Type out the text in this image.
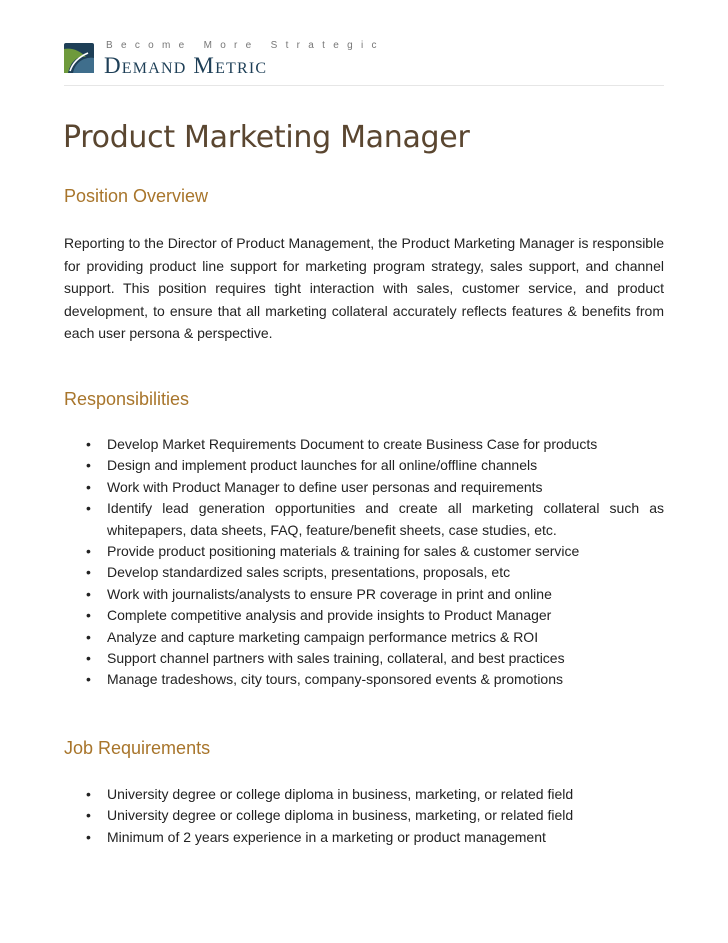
Become More Strategic
Demand Metric
Product Marketing Manager
Position Overview

Reporting to the Director of Product Management, the Product Marketing Manager is responsible for providing product line support for marketing program strategy, sales support, and channel support. This position requires tight interaction with sales, customer service, and product development, to ensure that all marketing collateral accurately reflects features & benefits from each user persona & perspective.

Responsibilities
• Develop Market Requirements Document to create Business Case for products
• Design and implement product launches for all online/offline channels
• Work with Product Manager to define user personas and requirements
• Identify lead generation opportunities and create all marketing collateral such as whitepapers, data sheets, FAQ, feature/benefit sheets, case studies, etc.
• Provide product positioning materials & training for sales & customer service
• Develop standardized sales scripts, presentations, proposals, etc
• Work with journalists/analysts to ensure PR coverage in print and online
• Complete competitive analysis and provide insights to Product Manager
• Analyze and capture marketing campaign performance metrics & ROI
• Support channel partners with sales training, collateral, and best practices
• Manage tradeshows, city tours, company-sponsored events & promotions
Job Requirements
• University degree or college diploma in business, marketing, or related field
• University degree or college diploma in business, marketing, or related field
• Minimum of 2 years experience in a marketing or product management
